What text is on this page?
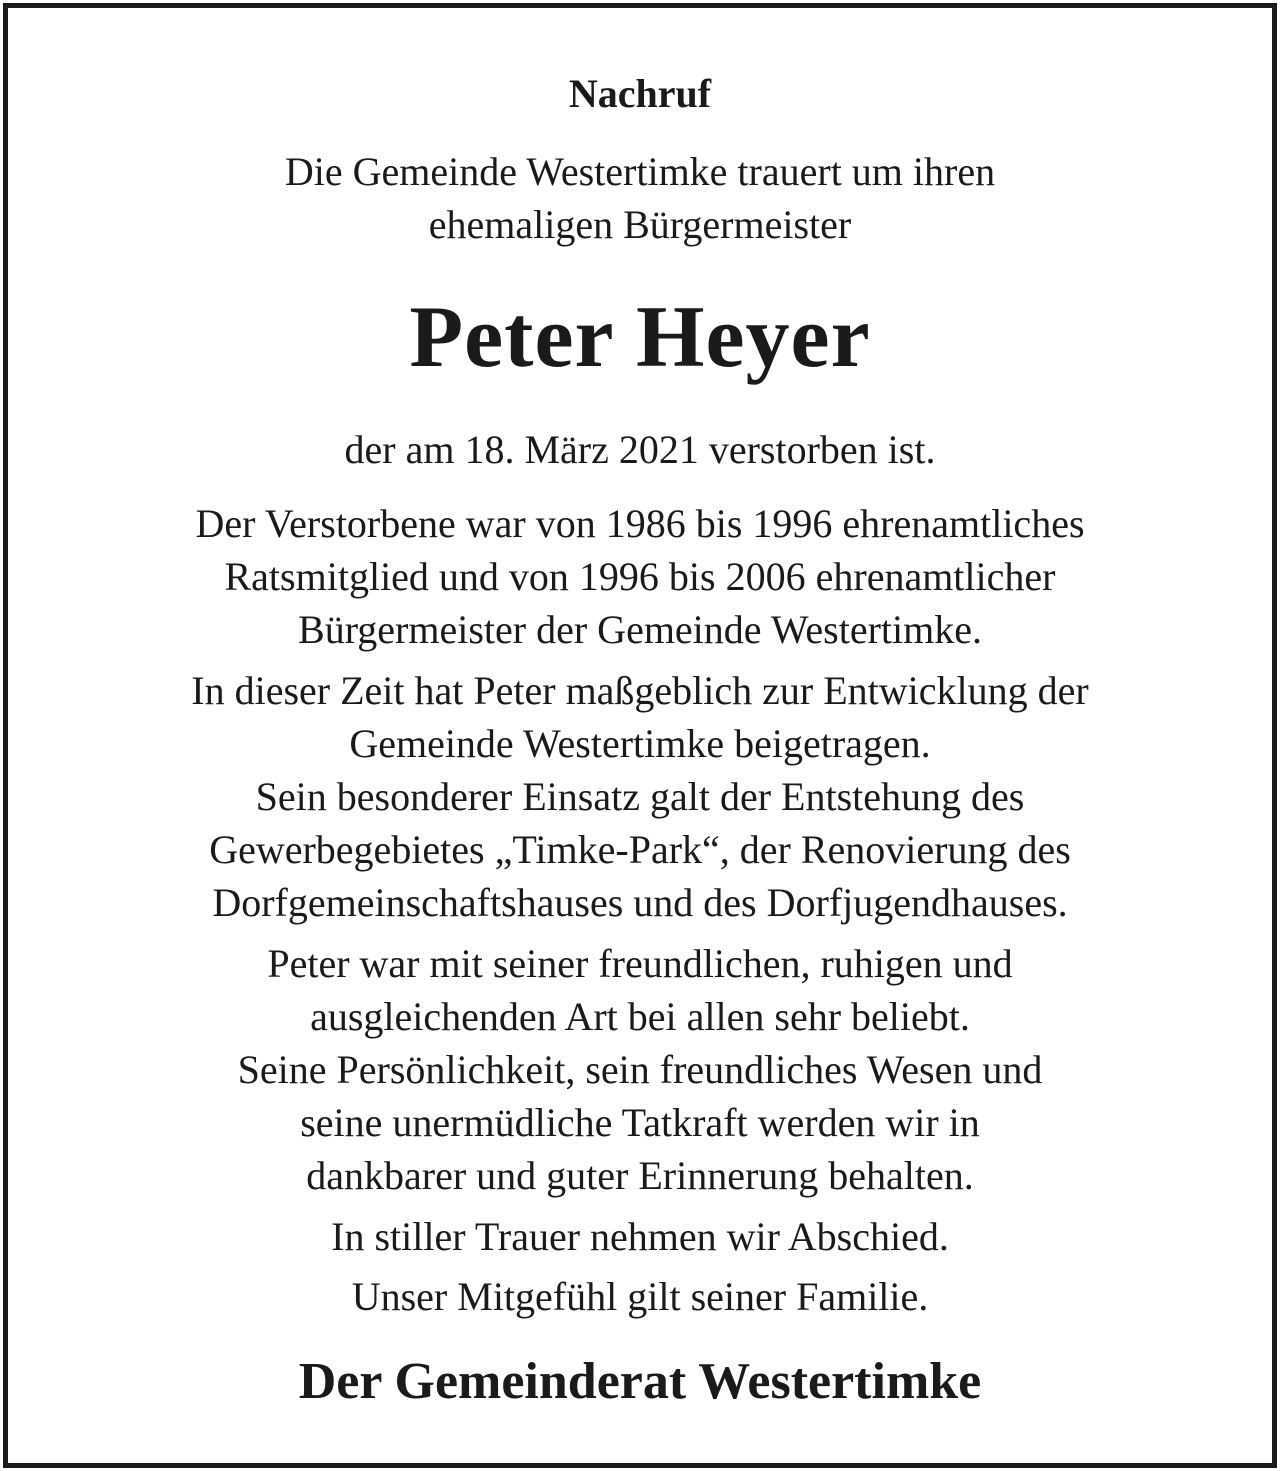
Nachruf
Die Gemeinde Westertimke trauert um ihren
ehemaligen Bürgermeister
Peter Heyer
der am 18. März 2021 verstorben ist.
Der Verstorbene war von 1986 bis 1996 ehrenamtliches
Ratsmitglied und von 1996 bis 2006 ehrenamtlicher
Bürgermeister der Gemeinde Westertimke.
In dieser Zeit hat Peter maßgeblich zur Entwicklung der
Gemeinde Westertimke beigetragen.
Sein besonderer Einsatz galt der Entstehung des
Gewerbegebietes „Timke-Park“, der Renovierung des
Dorfgemeinschaftshauses und des Dorfjugendhauses.
Peter war mit seiner freundlichen, ruhigen und
ausgleichenden Art bei allen sehr beliebt.
Seine Persönlichkeit, sein freundliches Wesen und
seine unermüdliche Tatkraft werden wir in
dankbarer und guter Erinnerung behalten.
In stiller Trauer nehmen wir Abschied.
Unser Mitgefühl gilt seiner Familie.
Der Gemeinderat Westertimke
